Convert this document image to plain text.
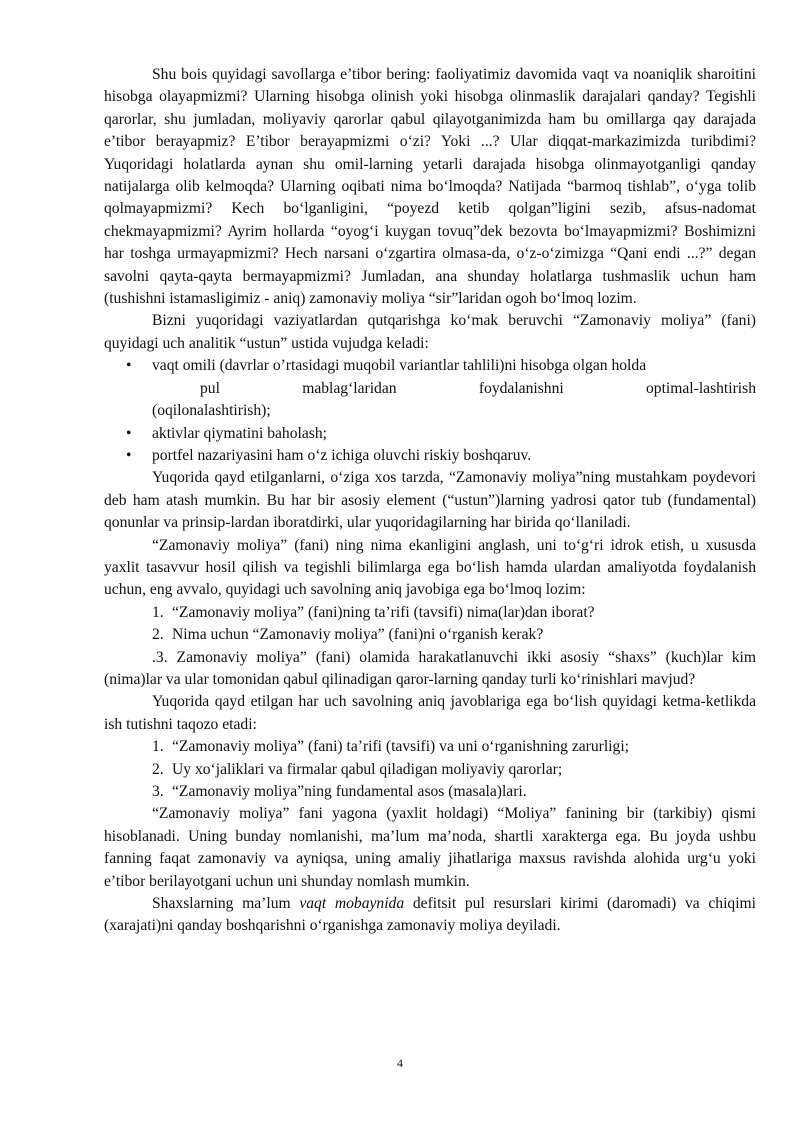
Shu bois quyidagi savollarga e’tibor bering: faoliyatimiz davomida vaqt va noaniqlik sharoitini hisobga olayapmizmi? Ularning hisobga olinish yoki hisobga olinmaslik darajalari qanday? Tegishli qarorlar, shu jumladan, moliyaviy qarorlar qabul qilayotganimizda ham bu omillarga qay darajada e’tibor berayapmiz? E’tibor berayapmizmi o‘zi? Yoki ...? Ular diqqat-markazimizda turibdimi? Yuqoridagi holatlarda aynan shu omil-larning yetarli darajada hisobga olinmayotganligi qanday natijalarga olib kelmoqda? Ularning oqibati nima bo‘lmoqda? Natijada “barmoq tishlab”, o‘yga tolib qolmayapmizmi? Kech bo‘lganligini, “poyezd ketib qolgan”ligini sezib, afsus-nadomat chekmayapmizmi? Ayrim hollarda “oyog‘i kuygan tovuq”dek bezovta bo‘lmayapmizmi? Boshimizni har toshga urmayapmizmi? Hech narsani o‘zgartira olmasa-da, o‘z-o‘zimizga “Qani endi ...?” degan savolni qayta-qayta bermayapmizmi? Jumladan, ana shunday holatlarga tushmaslik uchun ham (tushishni istamasligimiz - aniq) zamonaviy moliya “sir”laridan ogoh bo‘lmoq lozim.

Bizni yuqoridagi vaziyatlardan qutqarishga ko‘mak beruvchi “Zamonaviy moliya” (fani) quyidagi uch analitik “ustun” ustida vujudga keladi:

• vaqt omili (davrlar o’rtasidagi muqobil variantlar tahlili)ni hisobga olgan holda
pul mablag‘laridan foydalanishni optimal-lashtirish
(oqilonalashtirish);
• aktivlar qiymatini baholash;
• portfel nazariyasini ham o‘z ichiga oluvchi riskiy boshqaruv.

Yuqorida qayd etilganlarni, o‘ziga xos tarzda, “Zamonaviy moliya”ning mustahkam poydevori deb ham atash mumkin. Bu har bir asosiy element (“ustun”)larning yadrosi qator tub (fundamental) qonunlar va prinsip-lardan iboratdirki, ular yuqoridagilarning har birida qo‘llaniladi.

“Zamonaviy moliya” (fani) ning nima ekanligini anglash, uni to‘g‘ri idrok etish, u xususda yaxlit tasavvur hosil qilish va tegishli bilimlarga ega bo‘lish hamda ulardan amaliyotda foydalanish uchun, eng avvalo, quyidagi uch savolning aniq javobiga ega bo‘lmoq lozim:

1. “Zamonaviy moliya” (fani)ning ta’rifi (tavsifi) nima(lar)dan iborat?
2. Nima uchun “Zamonaviy moliya” (fani)ni o‘rganish kerak?

.3. Zamonaviy moliya” (fani) olamida harakatlanuvchi ikki asosiy “shaxs” (kuch)lar kim (nima)lar va ular tomonidan qabul qilinadigan qaror-larning qanday turli ko‘rinishlari mavjud?

Yuqorida qayd etilgan har uch savolning aniq javoblariga ega bo‘lish quyidagi ketma-ketlikda ish tutishni taqozo etadi:

1. “Zamonaviy moliya” (fani) ta’rifi (tavsifi) va uni o‘rganishning zarurligi;
2. Uy xo‘jaliklari va firmalar qabul qiladigan moliyaviy qarorlar;
3. “Zamonaviy moliya”ning fundamental asos (masala)lari.

“Zamonaviy moliya” fani yagona (yaxlit holdagi) “Moliya” fanining bir (tarkibiy) qismi hisoblanadi. Uning bunday nomlanishi, ma’lum ma’noda, shartli xarakterga ega. Bu joyda ushbu fanning faqat zamonaviy va ayniqsa, uning amaliy jihatlariga maxsus ravishda alohida urg‘u yoki e’tibor berilayotgani uchun uni shunday nomlash mumkin.

Shaxslarning ma’lum vaqt mobaynida defitsit pul resurslari kirimi (daromadi) va chiqimi (xarajati)ni qanday boshqarishni o‘rganishga zamonaviy moliya deyiladi.

4
